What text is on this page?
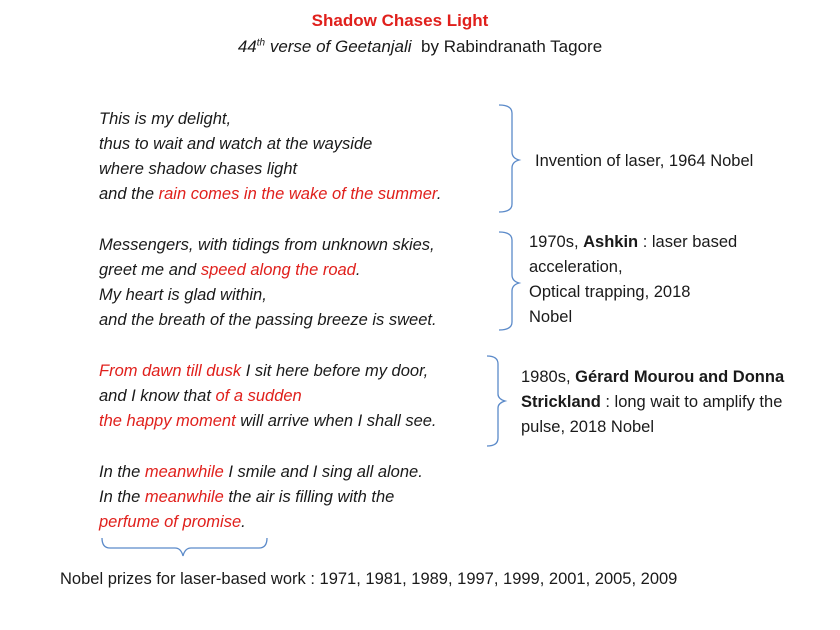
Shadow Chases Light
44th verse of Geetanjali by Rabindranath Tagore
This is my delight,
thus to wait and watch at the wayside
where shadow chases light
and the rain comes in the wake of the summer.
Messengers, with tidings from unknown skies,
greet me and speed along the road.
My heart is glad within,
and the breath of the passing breeze is sweet.
From dawn till dusk I sit here before my door,
and I know that of a sudden
the happy moment will arrive when I shall see.
In the meanwhile I smile and I sing all alone.
In the meanwhile the air is filling with the
perfume of promise.
Invention of laser, 1964 Nobel
1970s, Ashkin : laser based
acceleration,
Optical trapping, 2018
Nobel
1980s, Gérard Mourou and Donna
Strickland : long wait to amplify the
pulse, 2018 Nobel
Nobel prizes for laser-based work : 1971, 1981, 1989, 1997, 1999, 2001, 2005, 2009
